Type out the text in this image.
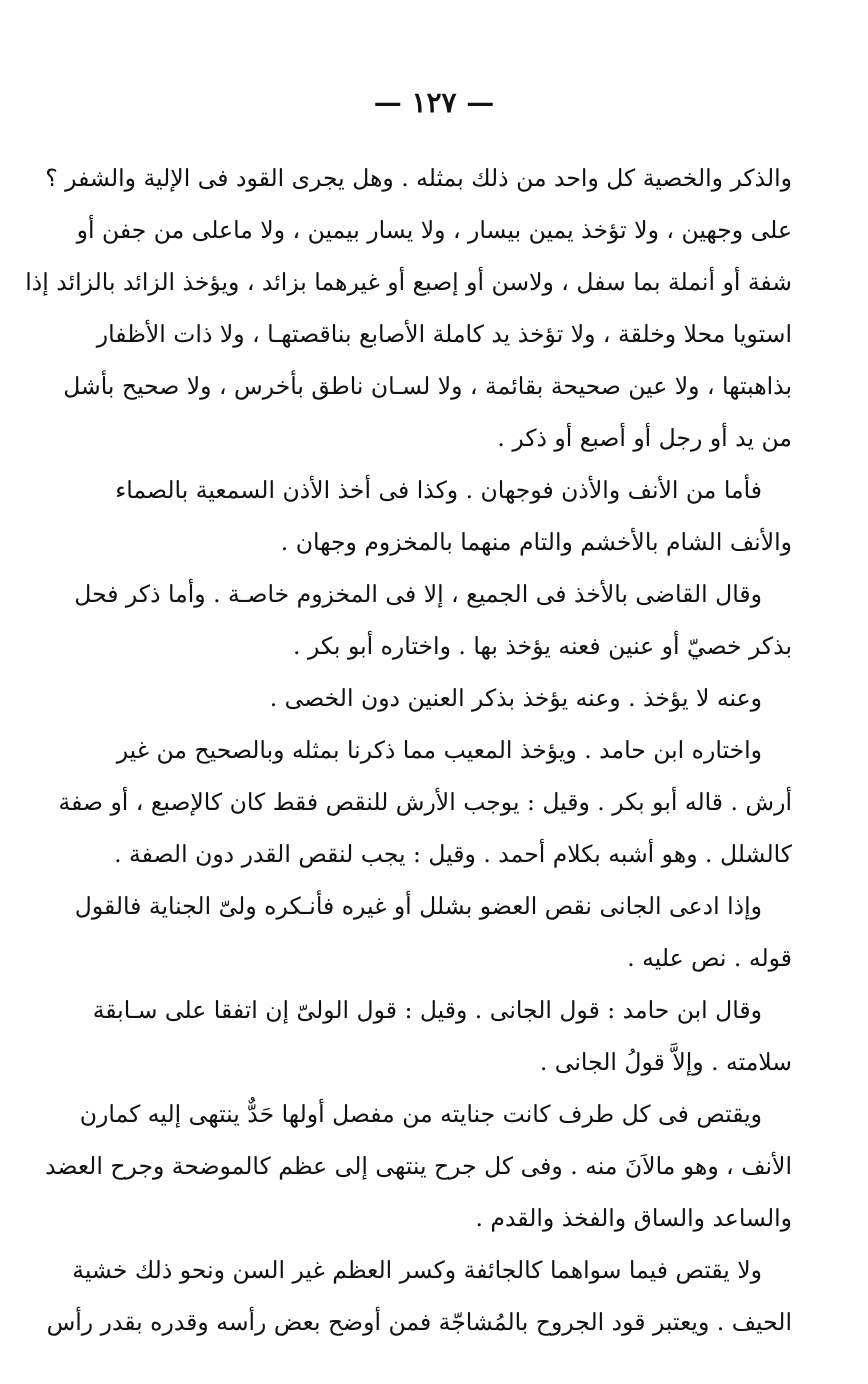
— ١٢٧ —
والذكر والخصية كل واحد من ذلك بمثله . وهل يجرى القود فى الإلية والشفر ؟
على وجهين ، ولا تؤخذ يمين بيسار ، ولا يسار بيمين ، ولا ماعلى من جفن أو
شفة أو أنملة بما سفل ، ولاسن أو إصبع أو غيرهما بزائد ، ويؤخذ الزائد بالزائد إذا
استويا محلا وخلقة ، ولا تؤخذ يد كاملة الأصابع بناقصتهـا ، ولا ذات الأظفار
بذاهبتها ، ولا عين صحيحة بقائمة ، ولا لسـان ناطق بأخرس ، ولا صحيح بأشل
من يد أو رجل أو أصبع أو ذكر .
فأما من الأنف والأذن فوجهان . وكذا فى أخذ الأذن السمعية بالصماء
والأنف الشام بالأخشم والتام منهما بالمخزوم وجهان .
وقال القاضى بالأخذ فى الجميع ، إلا فى المخزوم خاصـة . وأما ذكر فحل
بذكر خصيّ أو عنين فعنه يؤخذ بها . واختاره أبو بكر .
وعنه لا يؤخذ . وعنه يؤخذ بذكر العنين دون الخصى .
واختاره ابن حامد . ويؤخذ المعيب مما ذكرنا بمثله وبالصحيح من غير
أرش . قاله أبو بكر . وقيل : يوجب الأرش للنقص فقط كان كالإصبع ، أو صفة
كالشلل . وهو أشبه بكلام أحمد . وقيل : يجب لنقص القدر دون الصفة .
وإذا ادعى الجانى نقص العضو بشلل أو غيره فأنـكره ولىّ الجناية فالقول
قوله . نص عليه .
وقال ابن حامد : قول الجانى . وقيل : قول الولىّ إن اتفقا على سـابقة
سلامته . وإلاَّ قولُ الجانى .
ويقتص فى كل طرف كانت جنايته من مفصل أولها حَدٌّ ينتهى إليه كمارن
الأنف ، وهو مالاَنَ منه . وفى كل جرح ينتهى إلى عظم كالموضحة وجرح العضد
والساعد والساق والفخذ والقدم .
ولا يقتص فيما سواهما كالجائفة وكسر العظم غير السن ونحو ذلك خشية
الحيف . ويعتبر قود الجروح بالمُشاجّة فمن أوضح بعض رأسه وقدره بقدر رأس
